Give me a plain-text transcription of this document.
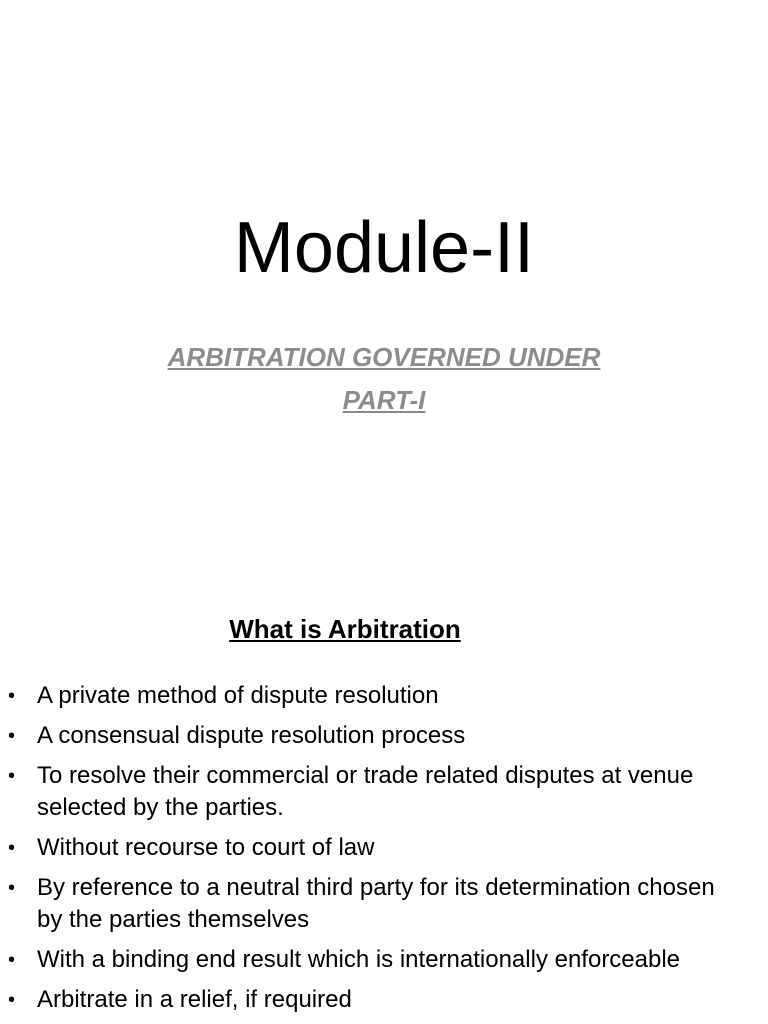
Module-II
ARBITRATION GOVERNED UNDER
PART-I
What is Arbitration
• A private method of dispute resolution
• A consensual dispute resolution process
• To resolve their commercial or trade related disputes at venue selected by the parties.
• Without recourse to court of law
• By reference to a neutral third party for its determination chosen by the parties themselves
• With a binding end result which is internationally enforceable
• Arbitrate in a relief, if required
